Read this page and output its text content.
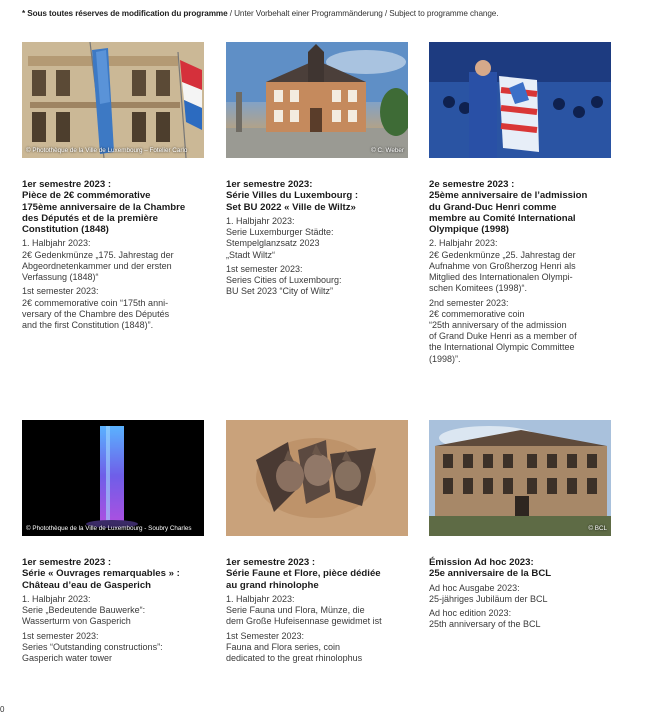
* Sous toutes réserves de modification du programme / Unter Vorbehalt einer Programmänderung / Subject to programme change.
© Photothèque de la Ville de Luxembourg – Fotelier Carlo
1er semestre 2023 :
Pièce de 2€ commémorative
175ème anniversaire de la Chambre
des Députés et de la première
Constitution (1848)
1. Halbjahr 2023:
2€ Gedenkmünze „175. Jahrestag der
Abgeordnetenkammer und der ersten
Verfassung (1848)“
1st semester 2023:
2€ commemorative coin “175th anni-
versary of the Chambre des Députés
and the first Constitution (1848)”.
© C. Weber
1er semestre 2023:
Série Villes du Luxembourg :
Set BU 2022 « Ville de Wiltz»
1. Halbjahr 2023:
Serie Luxemburger Städte:
Stempelglanzsatz 2023
„Stadt Wiltz“
1st semester 2023:
Series Cities of Luxembourg:
BU Set 2023 “City of Wiltz”
2e semestre 2023 :
25ème anniversaire de l’admission
du Grand-Duc Henri comme
membre au Comité International
Olympique (1998)
2. Halbjahr 2023:
2€ Gedenkmünze „25. Jahrestag der
Aufnahme von Großherzog Henri als
Mitglied des Internationalen Olympi-
schen Komitees (1998)“.
2nd semester 2023:
2€ commemorative coin
“25th anniversary of the admission
of Grand Duke Henri as a member of
the International Olympic Committee
(1998)”.
© Photothèque de la Ville de Luxembourg - Soubry Charles
1er semestre 2023 :
Série « Ouvrages remarquables » :
Château d’eau de Gasperich
1. Halbjahr 2023:
Serie „Bedeutende Bauwerke“:
Wasserturm von Gasperich
1st semester 2023:
Series “Outstanding constructions”:
Gasperich water tower
1er semestre 2023 :
Série Faune et Flore, pièce dédiée
au grand rhinolophe
1. Halbjahr 2023:
Serie Fauna und Flora, Münze, die
dem Große Hufeisennase gewidmet ist
1st Semester 2023:
Fauna and Flora series, coin
dedicated to the great rhinolophus
© BCL
Émission Ad hoc 2023:
25e anniversaire de la BCL
Ad hoc Ausgabe 2023:
25-jähriges Jubiläum der BCL
Ad hoc edition 2023:
25th anniversary of the BCL
0
